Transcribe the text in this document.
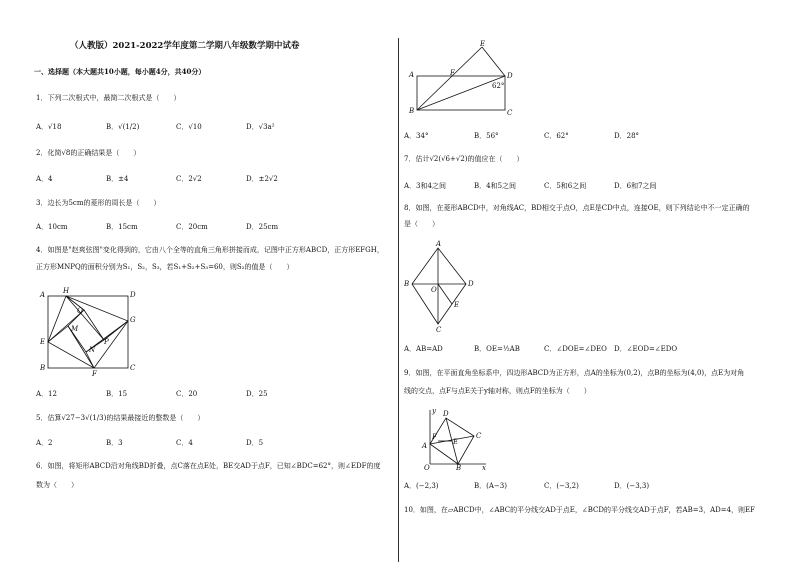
（人教版）2021-2022学年度第二学期八年级数学期中试卷
一、选择题（本大题共10小题，每小题4分，共40分）
1．下列二次根式中，最简二次根式是（　　）
A．√18	B．√(1/2)	C．√10	D．√3a²
2．化简√8的正确结果是（　　）
A．4	B．±4	C．2√2	D．±2√2
3．边长为5cm的菱形的周长是（　　）
A．10cm	B．15cm	C．20cm	D．25cm
4．如图是"赵爽弦图"变化得到的，它由八个全等的直角三角形拼接而成，记图中正方形ABCD，正方形EFGH，
正方形MNPQ的面积分别为S₁，S₂，S₃，若S₁+S₂+S₃=60，则S₂的值是（　　）
A	H	D
Q
G
M
E
N
P
B
F
C
A．12	B．15	C．20	D．25
5．估算√27−3√(1/3)的结果最接近的整数是（　　）
A．2	B．3	C．4	D．5
6．如图，将矩形ABCD沿对角线BD折叠，点C落在点E处，BE交AD于点F，已知∠BDC=62°，则∠EDF的度
数为（　　）
E
A	F	D
62°
B	C
A．34°	B．56°	C．62°	D．28°
7．估计√2(√6+√2)的值应在（　　）
A．3和4之间	B．4和5之间	C．5和6之间	D．6和7之间
8．如图，在菱形ABCD中，对角线AC，BD相交于点O，点E是CD中点，连接OE，则下列结论中不一定正确的
是（　　）
A
B
O
D
E
C
A．AB=AD	B．OE=½AB	C．∠DOE=∠DEO D．∠EOD=∠EDO
9．如图，在平面直角坐标系中，四边形ABCD为正方形，点A的坐标为(0,2)，点B的坐标为(4,0)，点E为对角
线的交点，点F与点E关于y轴对称，则点F的坐标为（　　）
y D
F
E
C
A
O	B	x
A．(−2,3)	B．(A−3)	C．(−3,2)	D．(−3,3)
10．如图，在▱ABCD中，∠ABC的平分线交AD于点E，∠BCD的平分线交AD于点F，若AB=3，AD=4，则EF
